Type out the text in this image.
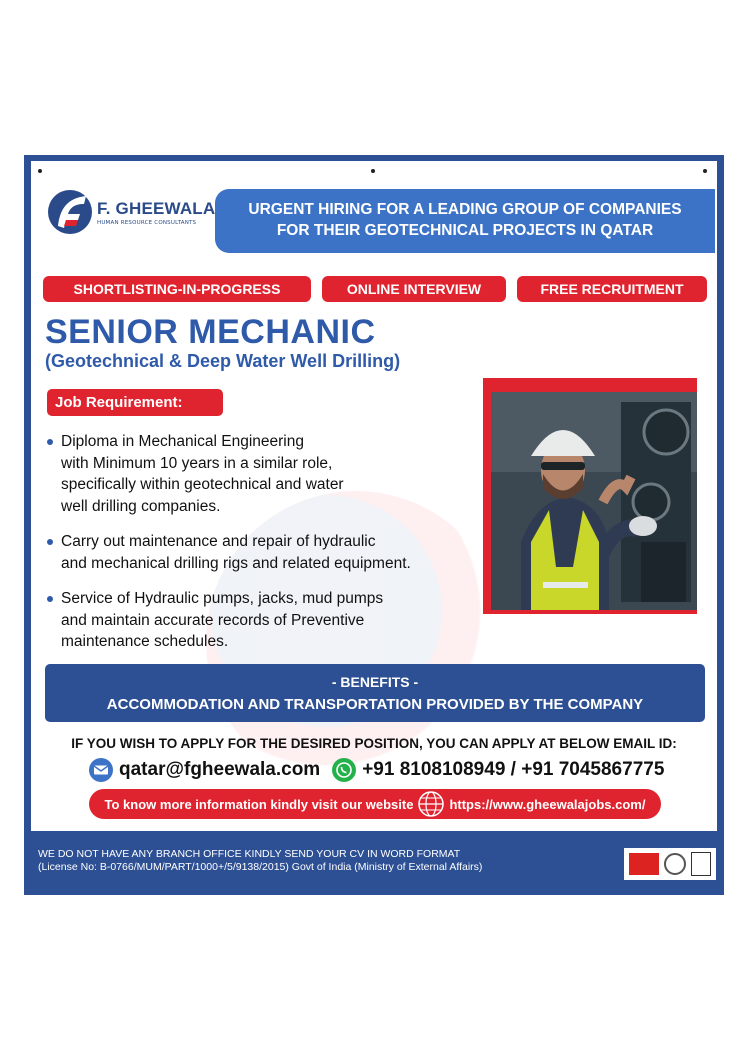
F. GHEEWALA
HUMAN RESOURCE CONSULTANTS
URGENT HIRING FOR A LEADING GROUP OF COMPANIES
FOR THEIR GEOTECHNICAL PROJECTS IN QATAR
SHORTLISTING-IN-PROGRESS	ONLINE INTERVIEW	FREE RECRUITMENT
SENIOR MECHANIC
(Geotechnical & Deep Water Well Drilling)
Job Requirement:
Diploma in Mechanical Engineering
with Minimum 10 years in a similar role,
specifically within geotechnical and water
well drilling companies.
Carry out maintenance and repair of hydraulic
and mechanical drilling rigs and related equipment.
Service of Hydraulic pumps, jacks, mud pumps
and maintain accurate records of Preventive
maintenance schedules.
- BENEFITS -
ACCOMMODATION AND TRANSPORTATION PROVIDED BY THE COMPANY
IF YOU WISH TO APPLY FOR THE DESIRED POSITION, YOU CAN APPLY AT BELOW EMAIL ID:
qatar@fgheewala.com +91 8108108949 / +91 7045867775
To know more information kindly visit our website	https://www.gheewalajobs.com/
WE DO NOT HAVE ANY BRANCH OFFICE KINDLY SEND YOUR CV IN WORD FORMAT
(License No: B-0766/MUM/PART/1000+/5/9138/2015) Govt of India (Ministry of External Affairs)
